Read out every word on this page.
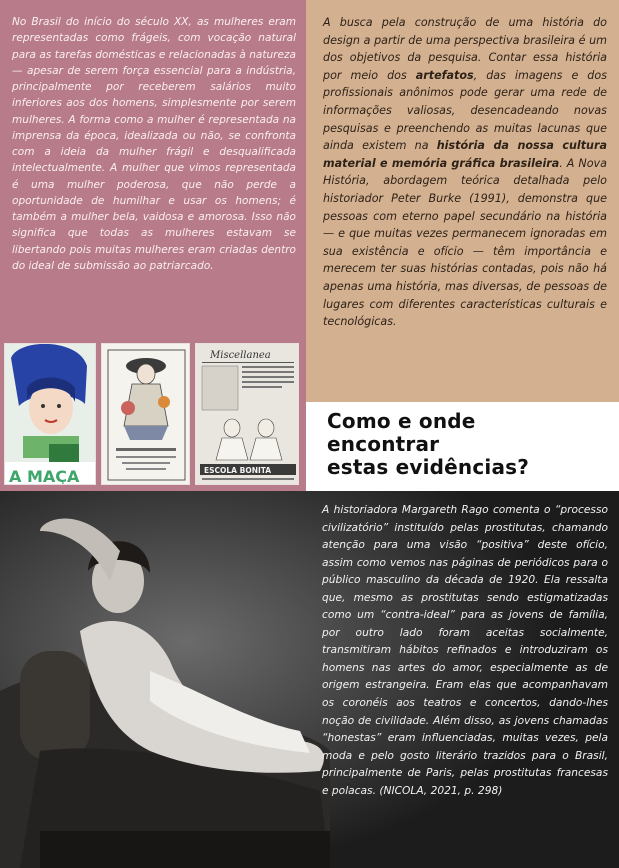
No Brasil do início do século XX, as mulheres eram representadas como frágeis, com vocação natural para as tarefas domésticas e relacionadas à natureza — apesar de serem força essencial para a indústria, principalmente por receberem salários muito inferiores aos dos homens, simplesmente por serem mulheres. A forma como a mulher é representada na imprensa da época, idealizada ou não, se confronta com a ideia da mulher frágil e desqualificada intelectualmente. A mulher que vimos representada é uma mulher poderosa, que não perde a oportunidade de humilhar e usar os homens; é também a mulher bela, vaidosa e amorosa. Isso não significa que todas as mulheres estavam se libertando pois muitas mulheres eram criadas dentro do ideal de submissão ao patriarcado.

A busca pela construção de uma história do design a partir de uma perspectiva brasileira é um dos objetivos da pesquisa. Contar essa história por meio dos artefatos, das imagens e dos profissionais anônimos pode gerar uma rede de informações valiosas, desencadeando novas pesquisas e preenchendo as muitas lacunas que ainda existem na história da nossa cultura material e memória gráfica brasileira. A Nova História, abordagem teórica detalhada pelo historiador Peter Burke (1991), demonstra que pessoas com eterno papel secundário na história — e que muitas vezes permanecem ignoradas em sua existência e ofício — têm importância e merecem ter suas histórias contadas, pois não há apenas uma história, mas diversas, de pessoas de lugares com diferentes características culturais e tecnológicas.

A MAÇA
Miscellanea
ESCOLA BONITA
Como e onde
encontrar
estas evidências?

A historiadora Margareth Rago comenta o “processo civilizatório” instituído pelas prostitutas, chamando atenção para uma visão “positiva” deste ofício, assim como vemos nas páginas de periódicos para o público masculino da década de 1920. Ela ressalta que, mesmo as prostitutas sendo estigmatizadas como um “contra-ideal” para as jovens de família, por outro lado foram aceitas socialmente, transmitiram hábitos refinados e introduziram os homens nas artes do amor, especialmente as de origem estrangeira. Eram elas que acompanhavam os coronéis aos teatros e concertos, dando-lhes noção de civilidade. Além disso, as jovens chamadas “honestas” eram influenciadas, muitas vezes, pela moda e pelo gosto literário trazidos para o Brasil, principalmente de Paris, pelas prostitutas francesas e polacas. (NICOLA, 2021, p. 298)
